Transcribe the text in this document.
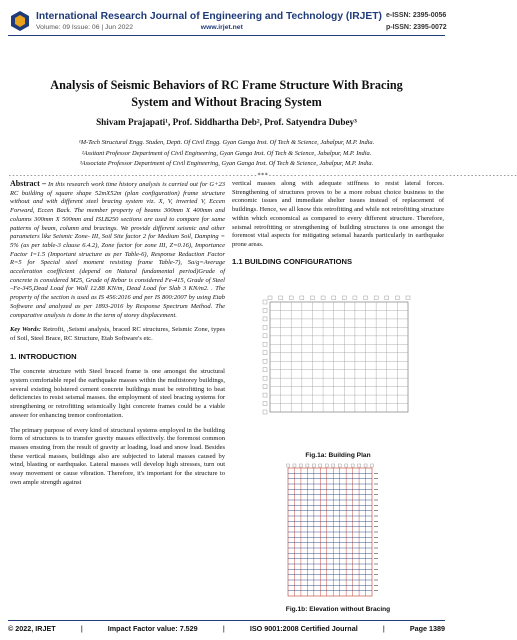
International Research Journal of Engineering and Technology (IRJET)
Volume: 09 Issue: 06 | Jun 2022	www.irjet.net
e-ISSN: 2395-0056
p-ISSN: 2395-0072
Analysis of Seismic Behaviors of RC Frame Structure With Bracing
System and Without Bracing System
Shivam Prajapati¹, Prof. Siddhartha Deb², Prof. Satyendra Dubey³
¹M-Tech Structural Engg. Studen, Deptt. Of Civil Engg. Gyan Ganga Inst. Of Tech & Science, Jabalpur, M.P. India.
²Assitant Professor Department of Civil Engineering, Gyan Ganga Inst. Of Tech & Science, Jabalpur, M.P. India.
³Associate Professor Department of Civil Engineering, Gyan Ganga Inst. Of Tech & Science, Jabalpur, M.P. India.
---------------------------------------------------------------------***---------------------------------------------------------------------

Abstract – In this research work time history analysis is carried out for G+23 RC building of square shape 52mX52m (plan configuration) frame structure without and with different steel bracing system viz. X, V, inverted V, Eccen Forward, Eccen Back. The member property of beams 300mm X 400mm and columns 300mm X 500mm and ISLB250 sections are used to compare for same patterns of beam, column and bracings. We provide different seismic and other parameters like Seismic Zone- III, Soil Site factor 2 for Medium Soil, Damping = 5% (as per table-3 clause 6.4.2), Zone factor for zone III, Z=0.16), Importance Factor I=1.5 (Important structure as per Table-6), Response Reduction Factor R=5 for Special steel moment resisting frame Table-7), Sa/g=Average acceleration coefficient (depend on Natural fundamental period)Grade of concrete is considered M25, Grade of Rebar is considered Fe-415, Grade of Steel –Fe-345,Dead Load for Wall 12.88 KN/m, Dead Load for Slab 3 KN/m2. . The property of the section is used as IS 456:2016 and per IS 800:2007 by using Etab Software and analyzed as per 1893-2016 by Response Spectrum Method. The comparative analysis is done in the term of storey displacement.

Key Words: Retrofit, ,Seismi analysis, braced RC structures, Seismic Zone, types of Soil, Steel Brace, RC Structure, Etab Software's etc.

1. INTRODUCTION

The concrete structure with Steel braced frame is one amongst the structural system comfortable repel the earthquake masses within the multistorey buildings, several existing bolstered cement concrete buildings must be retrofitting to beat deficiencies to resist seismal masses. the employment of steel bracing systems for strengthening or retrofitting seismically light concrete frames could be a viable answer for enhancing tremor confrontation.

The primary purpose of every kind of structural systems employed in the building form of structures is to transfer gravity masses effectively. the foremost common masses ensuing from the result of gravity ar loading, load and snow load. Besides these vertical masses, buildings also are subjected to lateral masses caused by wind, blasting or earthquake. Lateral masses will develop high stresses, turn out sway movement or cause vibration. Therefore, it's important for the structure to own ample strength against

vertical masses along with adequate stiffness to resist lateral forces. Strengthening of structures proves to be a more robust choice business to the economic issues and immediate shelter issues instead of replacement of buildings. Hence, we all know this retrofitting and while not retrofitting structure within which economical as compared to every different structure. Therefore, seismal retrofitting or strengthening of building structures is one amongst the foremost vital aspects for mitigating seismal hazards particularly in earthquake prone areas.

1.1 BUILDING CONFIGURATIONS
Fig.1a: Building Plan
Fig.1b: Elevation without Bracing
© 2022, IRJET	|	Impact Factor value: 7.529	|	ISO 9001:2008 Certified Journal	|	Page 1389
